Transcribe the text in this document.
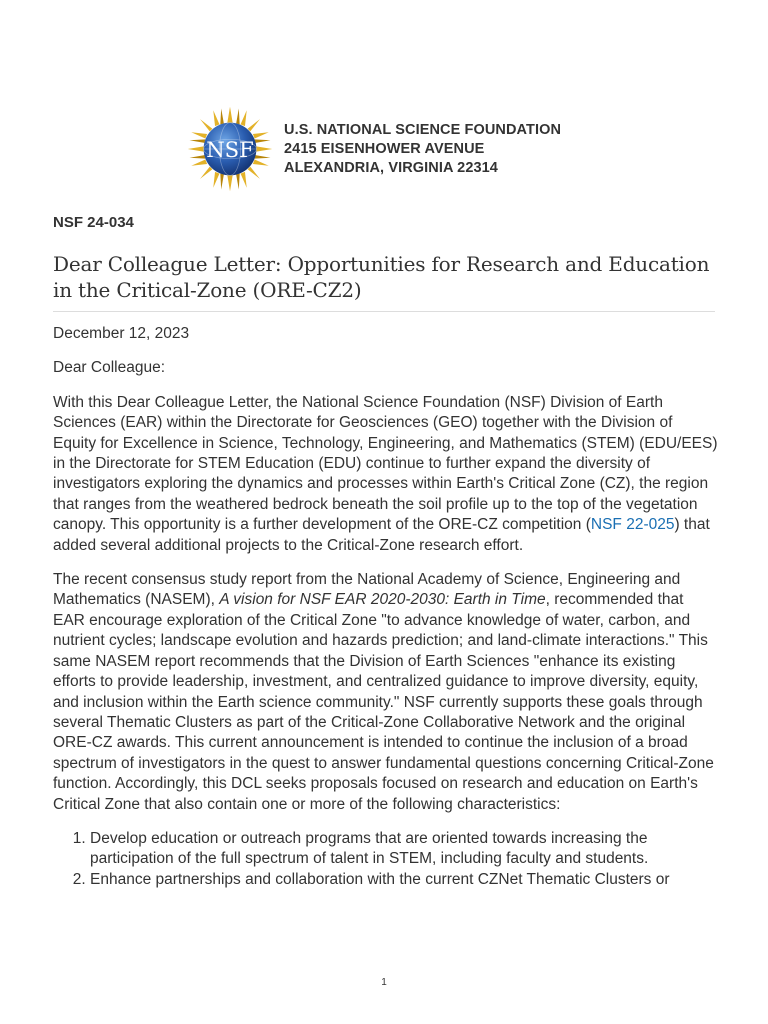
NSF
U.S. NATIONAL SCIENCE FOUNDATION
2415 EISENHOWER AVENUE
ALEXANDRIA, VIRGINIA 22314
NSF 24-034
Dear Colleague Letter: Opportunities for Research and Education in the Critical-Zone (ORE-CZ2)

December 12, 2023

Dear Colleague:

With this Dear Colleague Letter, the National Science Foundation (NSF) Division of Earth Sciences (EAR) within the Directorate for Geosciences (GEO) together with the Division of Equity for Excellence in Science, Technology, Engineering, and Mathematics (STEM) (EDU/EES) in the Directorate for STEM Education (EDU) continue to further expand the diversity of investigators exploring the dynamics and processes within Earth's Critical Zone (CZ), the region that ranges from the weathered bedrock beneath the soil profile up to the top of the vegetation canopy. This opportunity is a further development of the ORE-CZ competition (NSF 22-025) that added several additional projects to the Critical-Zone research effort.

The recent consensus study report from the National Academy of Science, Engineering and Mathematics (NASEM), A vision for NSF EAR 2020-2030: Earth in Time, recommended that EAR encourage exploration of the Critical Zone "to advance knowledge of water, carbon, and nutrient cycles; landscape evolution and hazards prediction; and land-climate interactions." This same NASEM report recommends that the Division of Earth Sciences "enhance its existing efforts to provide leadership, investment, and centralized guidance to improve diversity, equity, and inclusion within the Earth science community." NSF currently supports these goals through several Thematic Clusters as part of the Critical-Zone Collaborative Network and the original ORE-CZ awards. This current announcement is intended to continue the inclusion of a broad spectrum of investigators in the quest to answer fundamental questions concerning Critical-Zone function. Accordingly, this DCL seeks proposals focused on research and education on Earth's Critical Zone that also contain one or more of the following characteristics:

1. Develop education or outreach programs that are oriented towards increasing the participation of the full spectrum of talent in STEM, including faculty and students.
2. Enhance partnerships and collaboration with the current CZNet Thematic Clusters or
1
